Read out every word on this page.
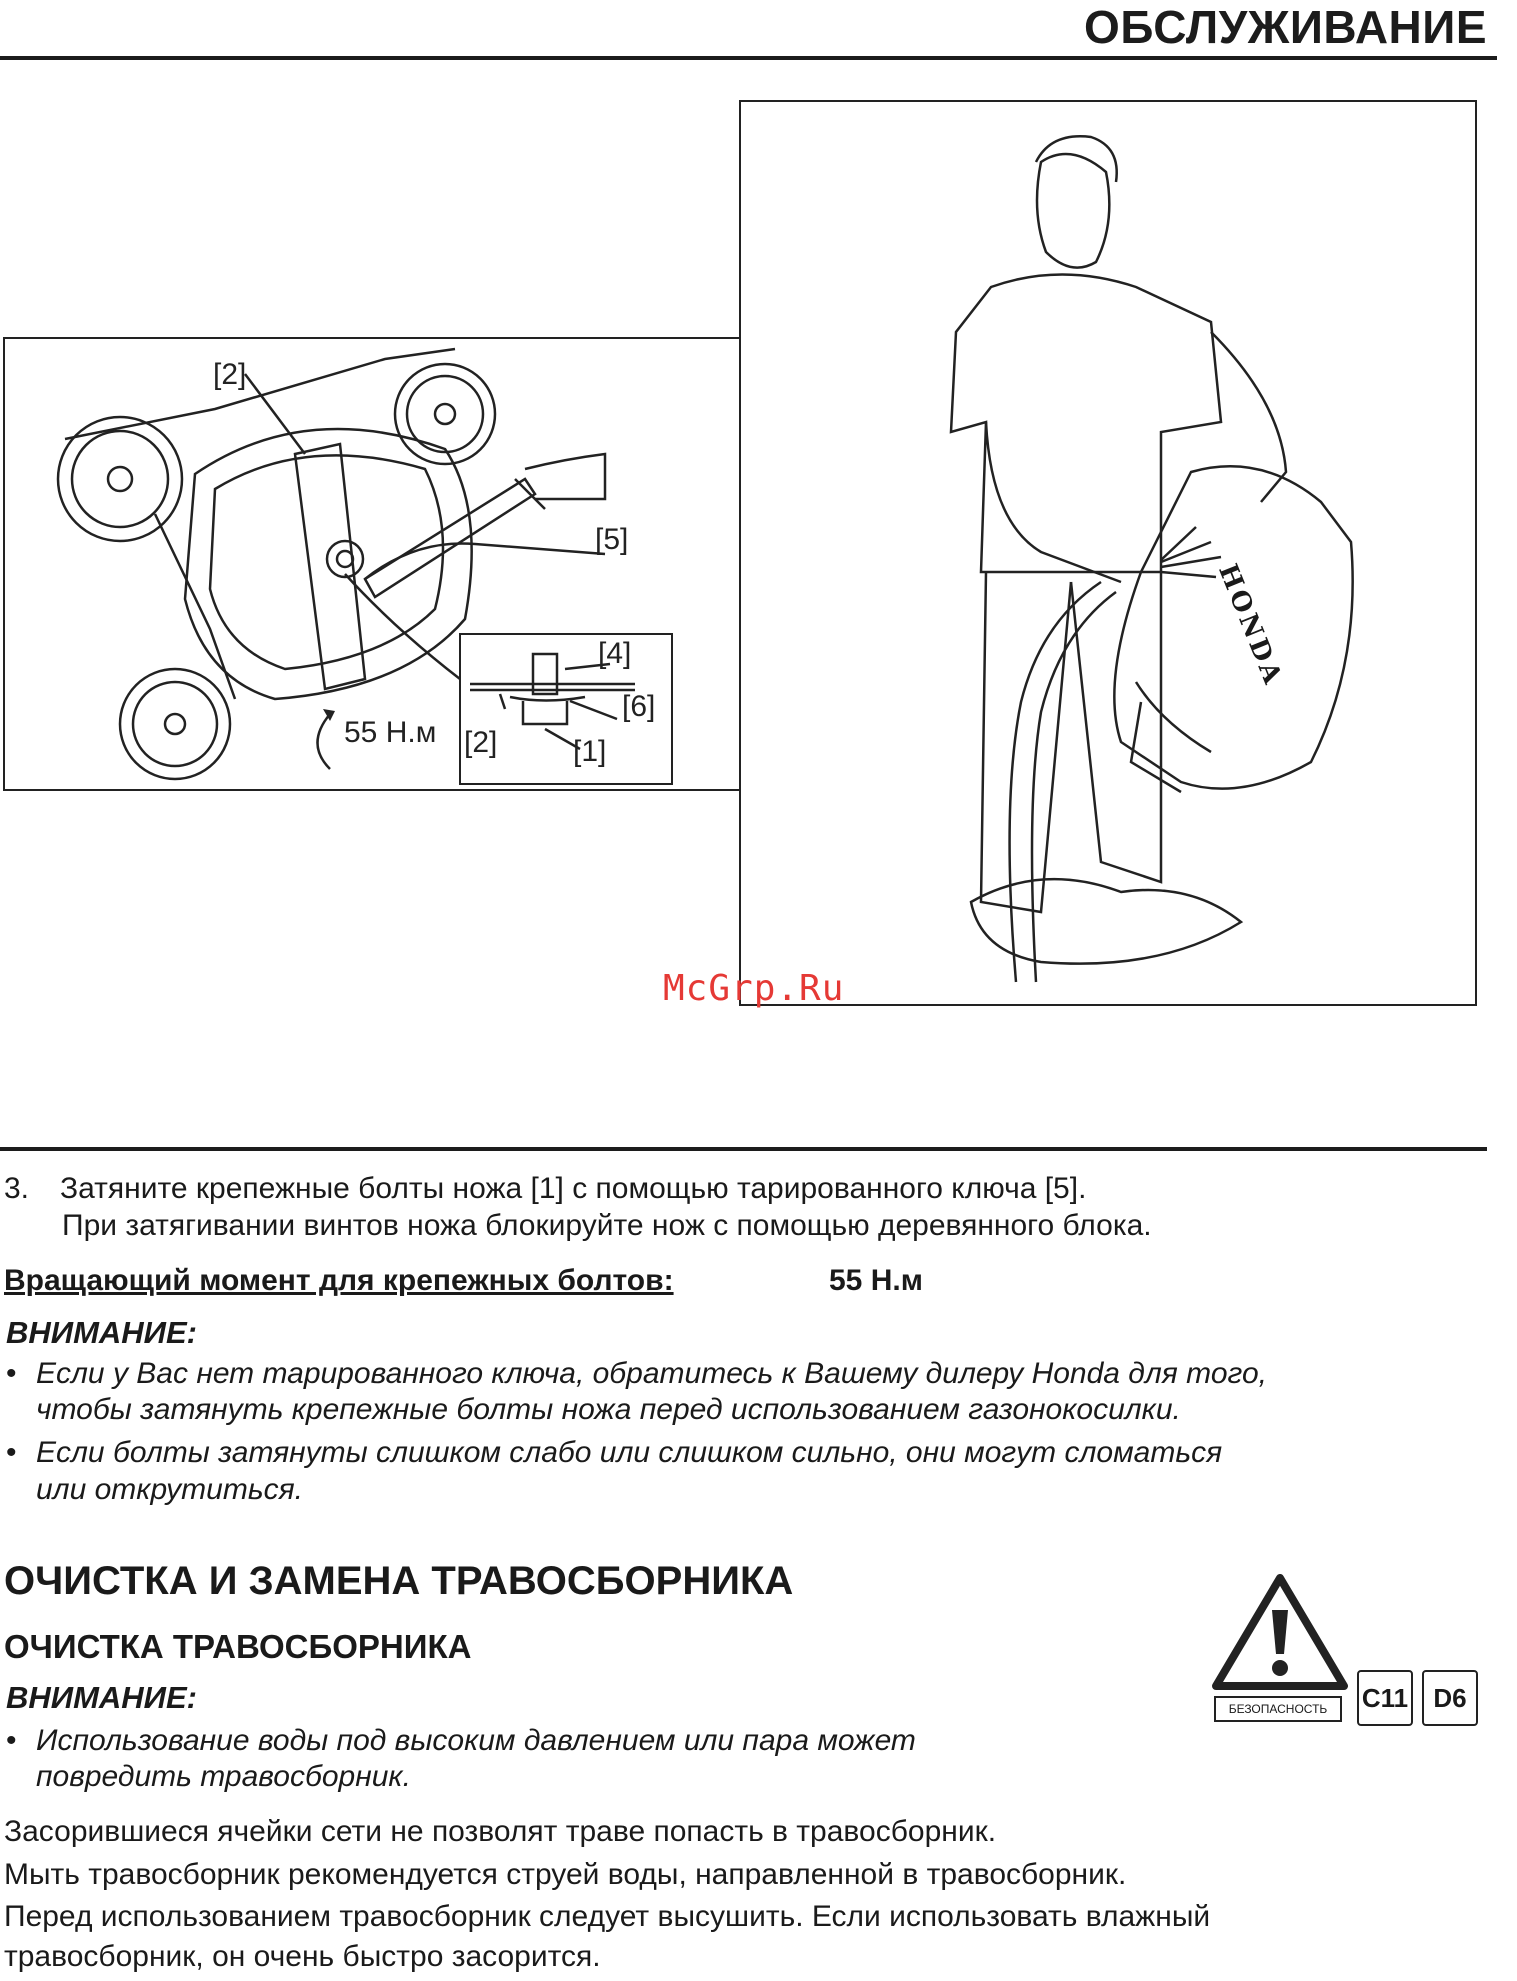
ОБСЛУЖИВАНИЕ
[2]
[5]
[4]
[6]
[2]	[1]
55 Н.м
HONDA
McGrp.Ru
3. Затяните крепежные болты ножа [1] с помощью тарированного ключа [5].
При затягивании винтов ножа блокируйте нож с помощью деревянного блока.
Вращающий момент для крепежных болтов:	55 Н.м
ВНИМАНИЕ:
• Если у Вас нет тарированного ключа, обратитесь к Вашему дилеру Honda для того,
чтобы затянуть крепежные болты ножа перед использованием газонокосилки.
• Если болты затянуты слишком слабо или слишком сильно, они могут сломаться
или открутиться.
ОЧИСТКА И ЗАМЕНА ТРАВОСБОРНИКА
ОЧИСТКА ТРАВОСБОРНИКА
ВНИМАНИЕ:
• Использование воды под высоким давлением или пара может
повредить травосборник.
Засорившиеся ячейки сети не позволят траве попасть в травосборник.
Мыть травосборник рекомендуется струей воды, направленной в травосборник.
Перед использованием травосборник следует высушить. Если использовать влажный
травосборник, он очень быстро засорится.
БЕЗОПАСНОСТЬ	C11 D6
